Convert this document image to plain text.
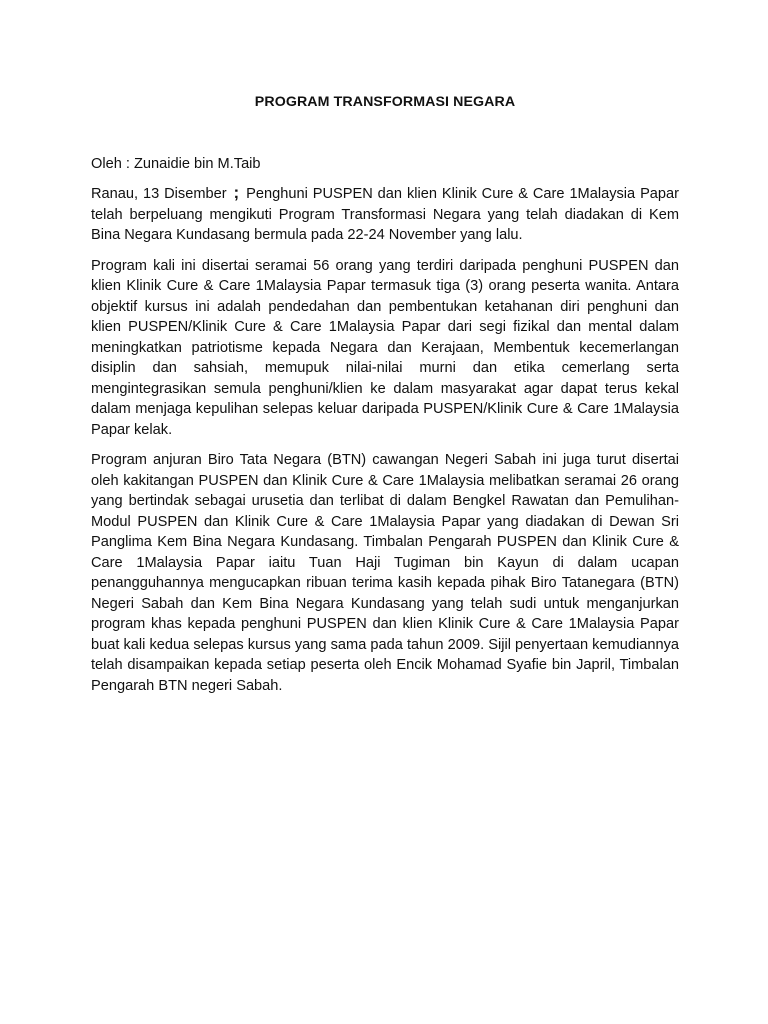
PROGRAM TRANSFORMASI NEGARA

Oleh : Zunaidie bin M.Taib

Ranau, 13 Disember ; Penghuni PUSPEN dan klien Klinik Cure & Care 1Malaysia Papar telah berpeluang mengikuti Program Transformasi Negara yang telah diadakan di Kem Bina Negara Kundasang bermula pada 22-24 November yang lalu.

Program kali ini disertai seramai 56 orang yang terdiri daripada penghuni PUSPEN dan klien Klinik Cure & Care 1Malaysia Papar termasuk tiga (3) orang peserta wanita. Antara objektif kursus ini adalah pendedahan dan pembentukan ketahanan diri penghuni dan klien PUSPEN/Klinik Cure & Care 1Malaysia Papar dari segi fizikal dan mental dalam meningkatkan patriotisme kepada Negara dan Kerajaan, Membentuk kecemerlangan disiplin dan sahsiah, memupuk nilai-nilai murni dan etika cemerlang serta mengintegrasikan semula penghuni/klien ke dalam masyarakat agar dapat terus kekal dalam menjaga kepulihan selepas keluar daripada PUSPEN/Klinik Cure & Care 1Malaysia Papar kelak.

Program anjuran Biro Tata Negara (BTN) cawangan Negeri Sabah ini juga turut disertai oleh kakitangan PUSPEN dan Klinik Cure & Care 1Malaysia melibatkan seramai 26 orang yang bertindak sebagai urusetia dan terlibat di dalam Bengkel Rawatan dan Pemulihan-Modul PUSPEN dan Klinik Cure & Care 1Malaysia Papar yang diadakan di Dewan Sri Panglima Kem Bina Negara Kundasang. Timbalan Pengarah PUSPEN dan Klinik Cure & Care 1Malaysia Papar iaitu Tuan Haji Tugiman bin Kayun di dalam ucapan penangguhannya mengucapkan ribuan terima kasih kepada pihak Biro Tatanegara (BTN) Negeri Sabah dan Kem Bina Negara Kundasang yang telah sudi untuk menganjurkan program khas kepada penghuni PUSPEN dan klien Klinik Cure & Care 1Malaysia Papar buat kali kedua selepas kursus yang sama pada tahun 2009. Sijil penyertaan kemudiannya telah disampaikan kepada setiap peserta oleh Encik Mohamad Syafie bin Japril, Timbalan Pengarah BTN negeri Sabah.
